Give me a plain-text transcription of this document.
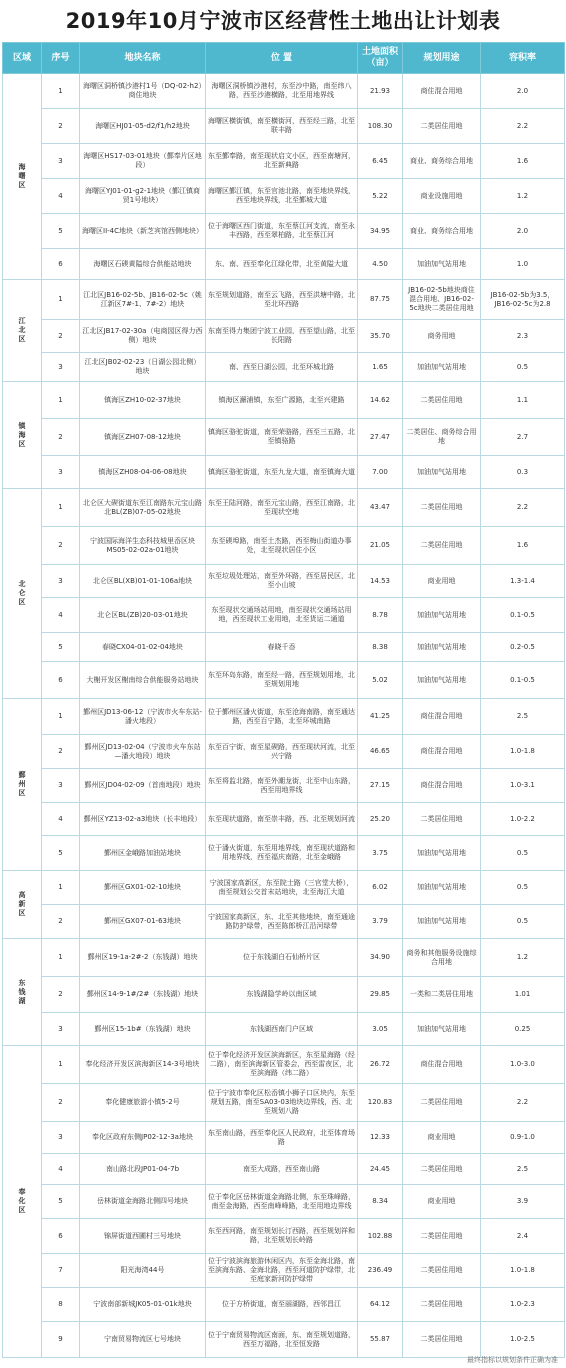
2019年10月宁波市区经营性土地出让计划表
区域	序号	地块名称	位 置	土地面积（亩）	规划用途	容积率
海
曙
区	1	海曙区洞桥镇沙港村1号（DQ-02-h2）商住地块	海曙区洞桥镇沙港村，东至沙中路，南至纬八路，西至沙港横路，北至用地界线	21.93	商住混合用地	2.0
	2	海曙区HJ01-05-d2/f1/h2地块	海曙区横街镇，南至横街河，西至经三路，北至联丰路	108.30	二类居住用地	2.2
	3	海曙区HS17-03-01地块（鄞奉片区地段）	东至鄞奉路，南至现状启文小区，西至南塘河，北至新典路	6.45	商业、商务综合用地	1.6
	4	海曙区YJ01-01-g2-1地块（鄞江镇商贸1号地块）	海曙区鄞江镇，东至官池北路，南至地块界线，西至地块界线，北至鄞城大道	5.22	商业设施用地	1.2
	5	海曙区II-4C地块（新芝宾馆西侧地块）	位于海曙区西门街道，东至蔡江河支流，南至永丰西路，西至翠柏路，北至蔡江河	34.95	商业、商务综合用地	2.0
	6	海曙区石碶黄隘综合供能站地块	东、南、西至奉化江绿化带，北至黄隘大道	4.50	加油加气站用地	1.0
江
北
区	1	江北区JB16-02-5b、JB16-02-5c（姚江新区7#-1、7#-2）地块	东至规划道路，南至云飞路，西至洪塘中路，北至北环西路	87.75	JB16-02-5b地块商住混合用地、JB16-02-5c地块二类居住用地	JB16-02-5b为3.5，JB16-02-5c为2.8
	2	江北区JB17-02-30a（电商园区得力西侧）地块	东南至得力集团宁波工业园，西至望山路，北至长阳路	35.70	商务用地	2.3
	3	江北区JB02-02-23（日湖公园北侧）地块	南、西至日湖公园，北至环城北路	1.65	加油加气站用地	0.5
镇
海
区	1	镇海区ZH10-02-37地块	镇海区澥浦镇，东至广源路，北至兴建路	14.62	二类居住用地	1.1
	2	镇海区ZH07-08-12地块	镇海区骆驼街道，南至荣骆路，西至三五路，北至镇骆路	27.47	二类居住、商务综合用地	2.7
	3	镇海区ZH08-04-06-08地块	镇海区骆驼街道，东至九龙大道，南至镇海大道	7.00	加油加气站用地	0.3
北
仑
区	1	北仑区大碶街道东至江南路东元宝山路北BL(ZB)07-05-02地块	东至王陆河路，南至元宝山路，西至江南路，北至现状空地	43.47	二类居住用地	2.2
	2	宁波国际海洋生态科技城里岙区块MS05-02-02a-01地块	东至碶埠路，南至土杰路，西至梅山街道办事处，北至现状居住小区	21.05	二类居住用地	1.6
	3	北仑区BL(XB)01-01-106a地块	东至垃圾处理站，南至外环路，西至居民区，北至小山坡	14.53	商业用地	1.3-1.4
	4	北仑区BL(ZB)20-03-01地块	东至现状交通场站用地，南至现状交通场站用地，西至现状工业用地，北至货运二通道	8.78	加油加气站用地	0.1-0.5
	5	春晓CX04-01-02-04地块	春晓千岙	8.38	加油加气站用地	0.2-0.5
	6	大榭开发区榭南综合供能服务站地块	东至环岛东路，南至经一路，西至规划用地，北至规划用地	5.02	加油加气站用地	0.1-0.5
鄞
州
区	1	鄞州区JD13-06-12（宁波市火车东站-潘火地段）	位于鄞州区潘火街道，东至沧海南路，南至通达路，西至百宁路，北至环城南路	41.25	商住混合用地	2.5
	2	鄞州区JD13-02-04（宁波市火车东站—潘火地段）地块	东至百宁街，南至星碶路，西至现状河流，北至兴宁路	46.65	商住混合用地	1.0-1.8
	3	鄞州区JD04-02-09（首南地段）地块	东至将监北路，南至外潮龙街，北至中山东路，西至用地界线	27.15	商住混合用地	1.0-3.1
	4	鄞州区YZ13-02-a3地块（长丰地段）	东至现状道路，南至崇丰路，西、北至规划河流	25.20	二类居住用地	1.0-2.2
	5	鄞州区金峨路加油站地块	位于潘火街道，东至用地界线，南至现状道路和用地界线，西至福庆南路，北至金峨路	3.75	加油加气站用地	0.5
高
新
区	1	鄞州区GX01-02-10地块	宁波国家高新区，东至院士路（三官堂大桥），南至规划公交首末站地块，北至海江大道	6.02	加油加气站用地	0.5
	2	鄞州区GX07-01-63地块	宁波国家高新区，东、北至其他地块，南至通途路防护绿带，西至陈郎桥江沿河绿带	3.79	加油加气站用地	0.5
东
钱
湖	1	鄞州区19-1a-2#-2（东钱湖）地块	位于东钱湖白石仙桥片区	34.90	商务和其他服务设施综合用地	1.2
	2	鄞州区14-9-1#/2#（东钱湖）地块	东钱湖隐学岭以南区域	29.85	一类和二类居住用地	1.01
	3	鄞州区15-1b#（东钱湖）地块	东钱湖西南门户区域	3.05	加油加气站用地	0.25
奉
化
区	1	奉化经济开发区滨海新区14-3号地块	位于奉化经济开发区滨海新区，东至星海路（经二路），南至滨海新区管委会，西至雷夜区，北至滨海路（纬二路）	26.72	商住混合用地	1.0-3.0
	2	奉化健康旅游小镇5-2号	位于宁波市奉化区松岙镇小狮子口区块内，东至规划五路，南至SA03-03地块边界线，西、北至规划八路	120.83	二类居住用地	2.2
	3	奉化区政府东侧JP02-12-3a地块	东至南山路，西至奉化区人民政府，北至体育场路	12.33	商业用地	0.9-1.0
	4	南山路北段JP01-04-7b	南至大成路，西至南山路	24.45	二类居住用地	2.5
	5	岳林街道金海路北侧四号地块	位于奉化区岳林街道金海路北侧，东至珠峰路，南至金海路，西至南峰峰路，北至用地边界线	8.34	商业用地	3.9
	6	锦屏街道西圃村三号地块	东至西河路，南至规划长汀西路，西至规划祥和路，北至规划长岭路	102.88	二类居住用地	2.4
	7	阳光海湾44号	位于宁波滨海旅游休闲区内，东至金海北路，南至滨海东路、金海北路，西至河道防护绿带，北至庭家新河防护绿带	236.49	二类居住用地	1.0-1.8
	8	宁波南部新城JK05-01-01k地块	位于方桥街道，南至丽湖路，西邻昌江	64.12	二类居住用地	1.0-2.3
	9	宁南贸易物流区七号地块	位于宁南贸易物流区南面，东、南至规划道路，西至万福路，北至恒发路	55.87	二类居住用地	1.0-2.5
最终指标以规划条件正确为准
